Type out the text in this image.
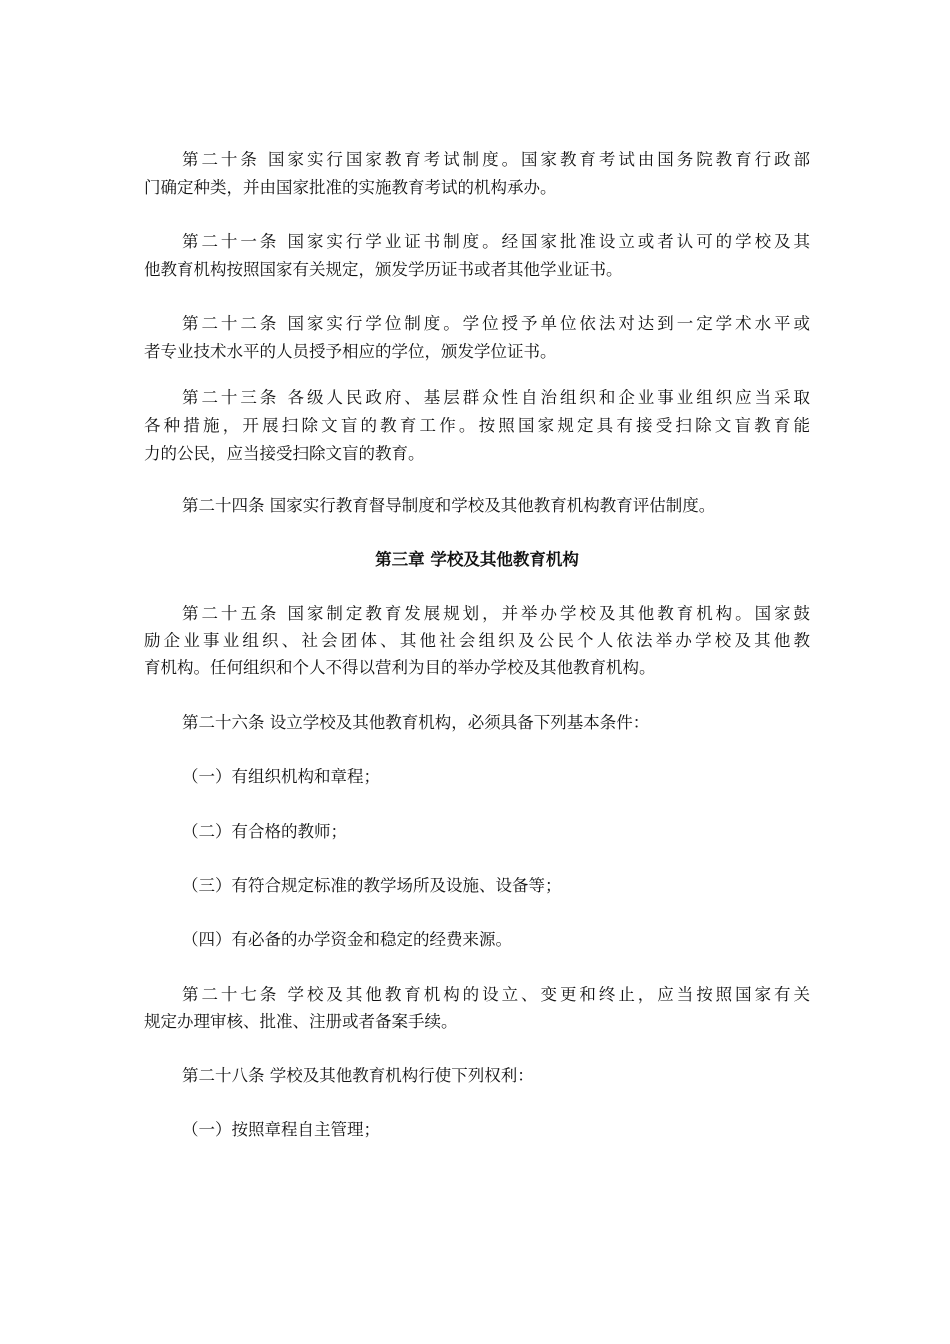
第二十条 国家实行国家教育考试制度。国家教育考试由国务院教育行政部
门确定种类，并由国家批准的实施教育考试的机构承办。
第二十一条 国家实行学业证书制度。经国家批准设立或者认可的学校及其
他教育机构按照国家有关规定，颁发学历证书或者其他学业证书。
第二十二条 国家实行学位制度。学位授予单位依法对达到一定学术水平或
者专业技术水平的人员授予相应的学位，颁发学位证书。
第二十三条 各级人民政府、基层群众性自治组织和企业事业组织应当采取
各种措施，开展扫除文盲的教育工作。按照国家规定具有接受扫除文盲教育能
力的公民，应当接受扫除文盲的教育。
第二十四条 国家实行教育督导制度和学校及其他教育机构教育评估制度。
第三章 学校及其他教育机构
第二十五条 国家制定教育发展规划，并举办学校及其他教育机构。国家鼓
励企业事业组织、社会团体、其他社会组织及公民个人依法举办学校及其他教
育机构。任何组织和个人不得以营利为目的举办学校及其他教育机构。
第二十六条 设立学校及其他教育机构，必须具备下列基本条件：
（一）有组织机构和章程；
（二）有合格的教师；
（三）有符合规定标准的教学场所及设施、设备等；
（四）有必备的办学资金和稳定的经费来源。
第二十七条 学校及其他教育机构的设立、变更和终止，应当按照国家有关
规定办理审核、批准、注册或者备案手续。
第二十八条 学校及其他教育机构行使下列权利：
（一）按照章程自主管理；
